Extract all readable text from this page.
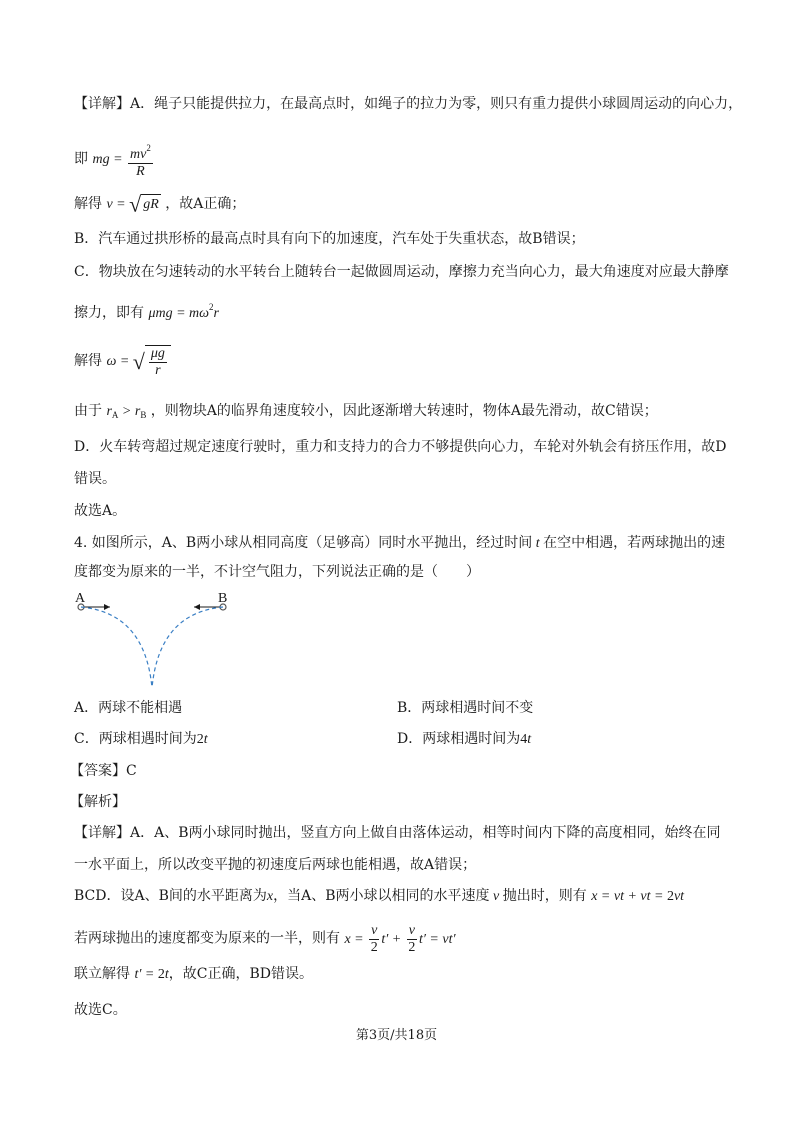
【详解】A．绳子只能提供拉力，在最高点时，如绳子的拉力为零，则只有重力提供小球圆周运动的向心力，
即 mg = $\frac{mv^2}{R}$
解得 v = √ gR ，故A正确；
B．汽车通过拱形桥的最高点时具有向下的加速度，汽车处于失重状态，故B错误；
C．物块放在匀速转动的水平转台上随转台一起做圆周运动，摩擦力充当向心力，最大角速度对应最大静摩
擦力，即有 $\mu mg = m\omega^2r$
解得 ω = √ $\frac{\mu g}{r}$
由于 $r_A > r_B$ ，则物块A的临界角速度较小，因此逐渐增大转速时，物体A最先滑动，故C错误；
D．火车转弯超过规定速度行驶时，重力和支持力的合力不够提供向心力，车轮对外轨会有挤压作用，故D
错误。
故选A。
4. 如图所示，A、B两小球从相同高度（足够高）同时水平抛出，经过时间 t 在空中相遇，若两球抛出的速
度都变为原来的一半，不计空气阻力，下列说法正确的是（　　）
A	B
A．两球不能相遇	B．两球相遇时间不变
C．两球相遇时间为2t	D．两球相遇时间为4t
【答案】C
【解析】
【详解】A．A、B两小球同时抛出，竖直方向上做自由落体运动，相等时间内下降的高度相同，始终在同
一水平面上，所以改变平抛的初速度后两球也能相遇，故A错误；
BCD．设A、B间的水平距离为x，当A、B两小球以相同的水平速度 v 抛出时，则有 x = vt + vt = 2vt
若两球抛出的速度都变为原来的一半，则有 $x = \frac{v}{2} t' + \frac{v}{2} t' = vt'$
联立解得 t′ = 2t，故C正确，BD错误。
故选C。
第3页/共18页
